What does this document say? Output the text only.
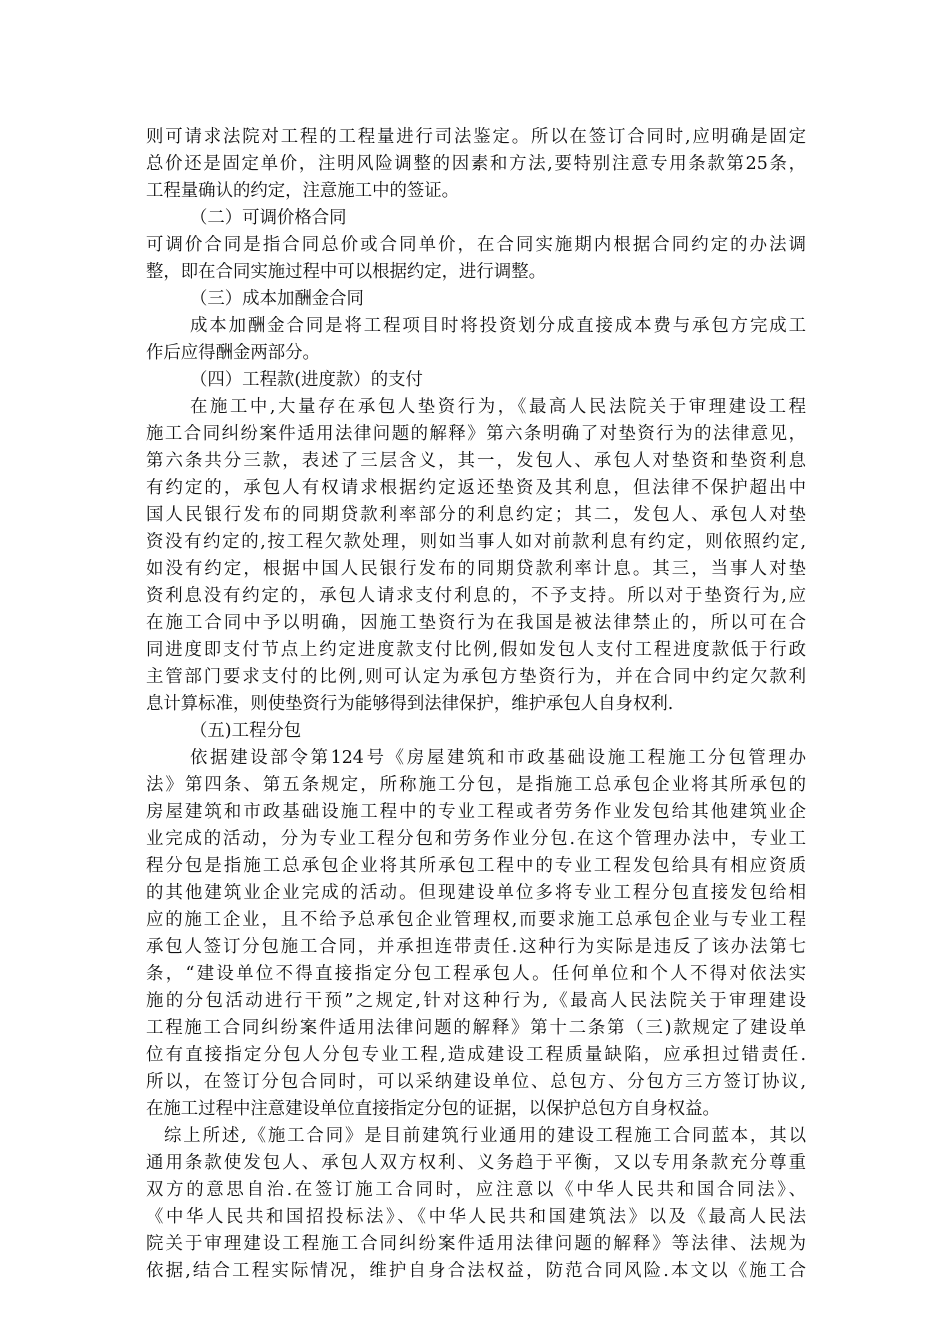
则可请求法院对工程的工程量进行司法鉴定。所以在签订合同时,应明确是固定
总价还是固定单价，注明风险调整的因素和方法,要特别注意专用条款第25条，
工程量确认的约定，注意施工中的签证。
（二）可调价格合同
可调价合同是指合同总价或合同单价，在合同实施期内根据合同约定的办法调
整，即在合同实施过程中可以根据约定，进行调整。
（三）成本加酬金合同
成本加酬金合同是将工程项目时将投资划分成直接成本费与承包方完成工
作后应得酬金两部分。
（四）工程款(进度款）的支付
在施工中,大量存在承包人垫资行为，《最高人民法院关于审理建设工程
施工合同纠纷案件适用法律问题的解释》第六条明确了对垫资行为的法律意见，
第六条共分三款，表述了三层含义，其一，发包人、承包人对垫资和垫资利息
有约定的，承包人有权请求根据约定返还垫资及其利息，但法律不保护超出中
国人民银行发布的同期贷款利率部分的利息约定；其二，发包人、承包人对垫
资没有约定的,按工程欠款处理，则如当事人如对前款利息有约定，则依照约定,
如没有约定，根据中国人民银行发布的同期贷款利率计息。其三，当事人对垫
资利息没有约定的，承包人请求支付利息的，不予支持。所以对于垫资行为,应
在施工合同中予以明确，因施工垫资行为在我国是被法律禁止的，所以可在合
同进度即支付节点上约定进度款支付比例,假如发包人支付工程进度款低于行政
主管部门要求支付的比例,则可认定为承包方垫资行为，并在合同中约定欠款利
息计算标准，则使垫资行为能够得到法律保护，维护承包人自身权利.
（五)工程分包
依据建设部令第124号《房屋建筑和市政基础设施工程施工分包管理办
法》第四条、第五条规定，所称施工分包，是指施工总承包企业将其所承包的
房屋建筑和市政基础设施工程中的专业工程或者劳务作业发包给其他建筑业企
业完成的活动，分为专业工程分包和劳务作业分包.在这个管理办法中，专业工
程分包是指施工总承包企业将其所承包工程中的专业工程发包给具有相应资质
的其他建筑业企业完成的活动。但现建设单位多将专业工程分包直接发包给相
应的施工企业，且不给予总承包企业管理权,而要求施工总承包企业与专业工程
承包人签订分包施工合同，并承担连带责任.这种行为实际是违反了该办法第七
条，“建设单位不得直接指定分包工程承包人。任何单位和个人不得对依法实
施的分包活动进行干预”之规定,针对这种行为,《最高人民法院关于审理建设
工程施工合同纠纷案件适用法律问题的解释》第十二条第（三)款规定了建设单
位有直接指定分包人分包专业工程,造成建设工程质量缺陷，应承担过错责任.
所以，在签订分包合同时，可以采纳建设单位、总包方、分包方三方签订协议,
在施工过程中注意建设单位直接指定分包的证据，以保护总包方自身权益。
综上所述,《施工合同》是目前建筑行业通用的建设工程施工合同蓝本，其以
通用条款使发包人、承包人双方权利、义务趋于平衡，又以专用条款充分尊重
双方的意思自治.在签订施工合同时，应注意以《中华人民共和国合同法》、
《中华人民共和国招投标法》、《中华人民共和国建筑法》以及《最高人民法
院关于审理建设工程施工合同纠纷案件适用法律问题的解释》等法律、法规为
依据,结合工程实际情况，维护自身合法权益，防范合同风险.本文以《施工合
